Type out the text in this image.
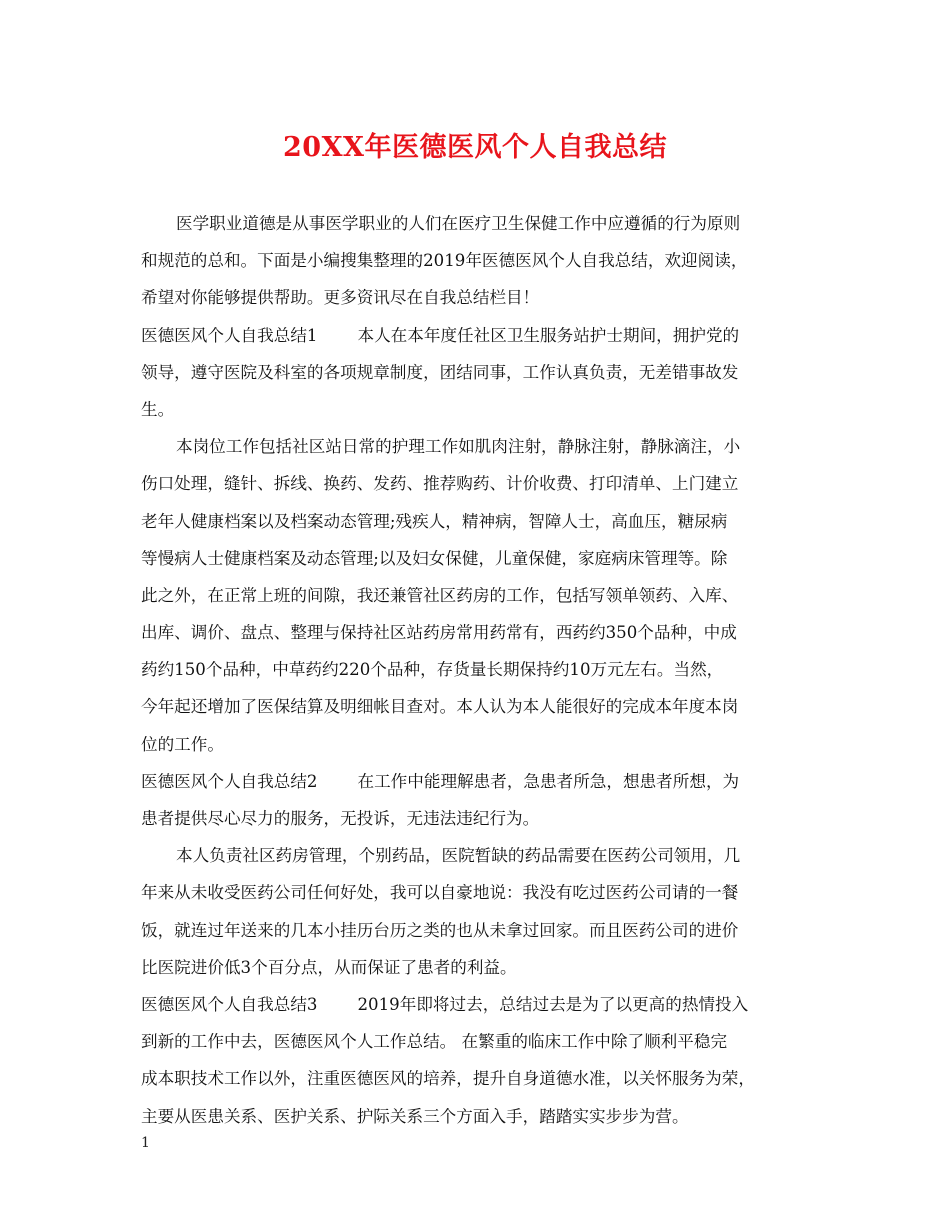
20XX年医德医风个人自我总结
医学职业道德是从事医学职业的人们在医疗卫生保健工作中应遵循的行为原则
和规范的总和。下面是小编搜集整理的2019年医德医风个人自我总结，欢迎阅读，
希望对你能够提供帮助。更多资讯尽在自我总结栏目！
医德医风个人自我总结1 本人在本年度任社区卫生服务站护士期间，拥护党的
领导，遵守医院及科室的各项规章制度，团结同事，工作认真负责，无差错事故发
生。
本岗位工作包括社区站日常的护理工作如肌肉注射，静脉注射，静脉滴注，小
伤口处理，缝针、拆线、换药、发药、推荐购药、计价收费、打印清单、上门建立
老年人健康档案以及档案动态管理;残疾人，精神病，智障人士，高血压，糖尿病
等慢病人士健康档案及动态管理;以及妇女保健，儿童保健，家庭病床管理等。除
此之外，在正常上班的间隙，我还兼管社区药房的工作，包括写领单领药、入库、
出库、调价、盘点、整理与保持社区站药房常用药常有，西药约350个品种，中成
药约150个品种，中草药约220个品种，存货量长期保持约10万元左右。当然，
今年起还增加了医保结算及明细帐目查对。本人认为本人能很好的完成本年度本岗
位的工作。
医德医风个人自我总结2 在工作中能理解患者，急患者所急，想患者所想，为
患者提供尽心尽力的服务，无投诉，无违法违纪行为。
本人负责社区药房管理，个别药品，医院暂缺的药品需要在医药公司领用，几
年来从未收受医药公司任何好处，我可以自豪地说：我没有吃过医药公司请的一餐
饭，就连过年送来的几本小挂历台历之类的也从未拿过回家。而且医药公司的进价
比医院进价低3个百分点，从而保证了患者的利益。
医德医风个人自我总结3 2019年即将过去，总结过去是为了以更高的热情投入
到新的工作中去，医德医风个人工作总结。 在繁重的临床工作中除了顺利平稳完
成本职技术工作以外，注重医德医风的培养，提升自身道德水准，以关怀服务为荣，
主要从医患关系、医护关系、护际关系三个方面入手，踏踏实实步步为营。
1
